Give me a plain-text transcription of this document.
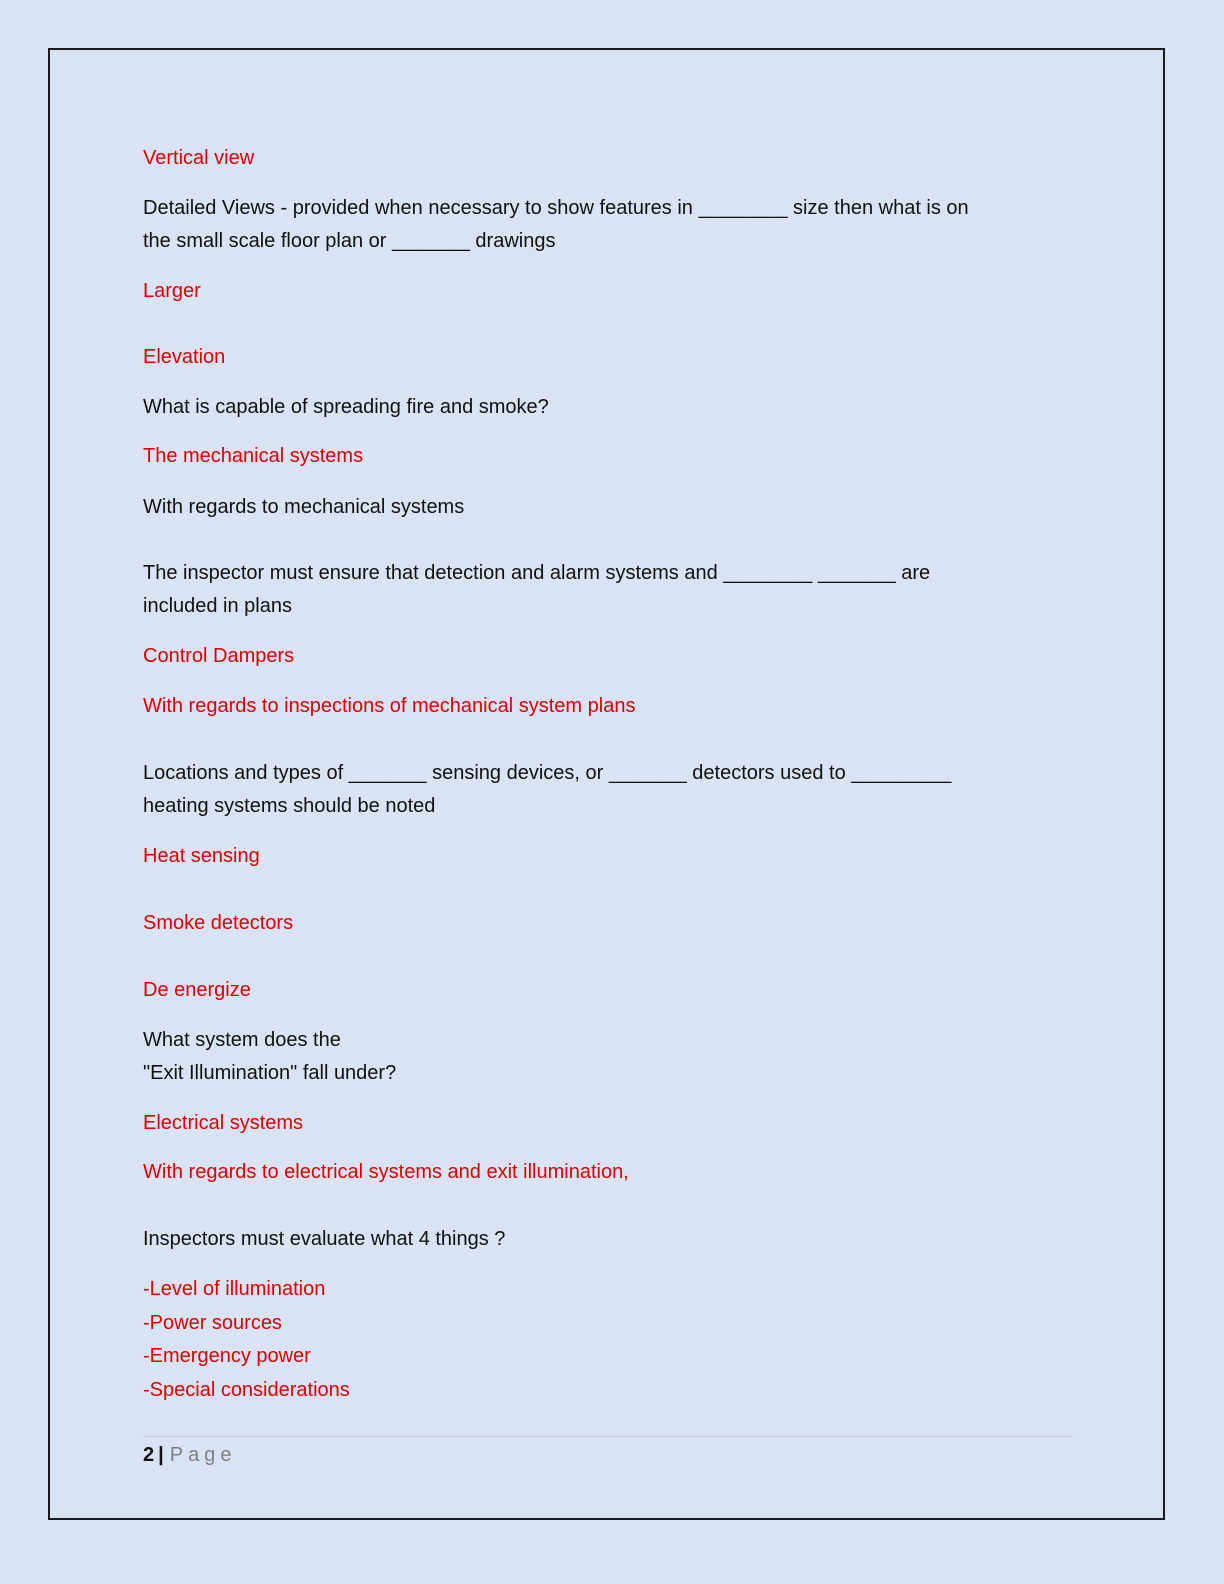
Vertical view
Detailed Views - provided when necessary to show features in ________ size then what is on
the small scale floor plan or _______ drawings
Larger
Elevation
What is capable of spreading fire and smoke?
The mechanical systems
With regards to mechanical systems
The inspector must ensure that detection and alarm systems and ________ _______ are
included in plans
Control Dampers
With regards to inspections of mechanical system plans
Locations and types of _______ sensing devices, or _______ detectors used to _________
heating systems should be noted
Heat sensing
Smoke detectors
De energize
What system does the
"Exit Illumination" fall under?
Electrical systems
With regards to electrical systems and exit illumination,
Inspectors must evaluate what 4 things ?
-Level of illumination
-Power sources
-Emergency power
-Special considerations
2 | Page
